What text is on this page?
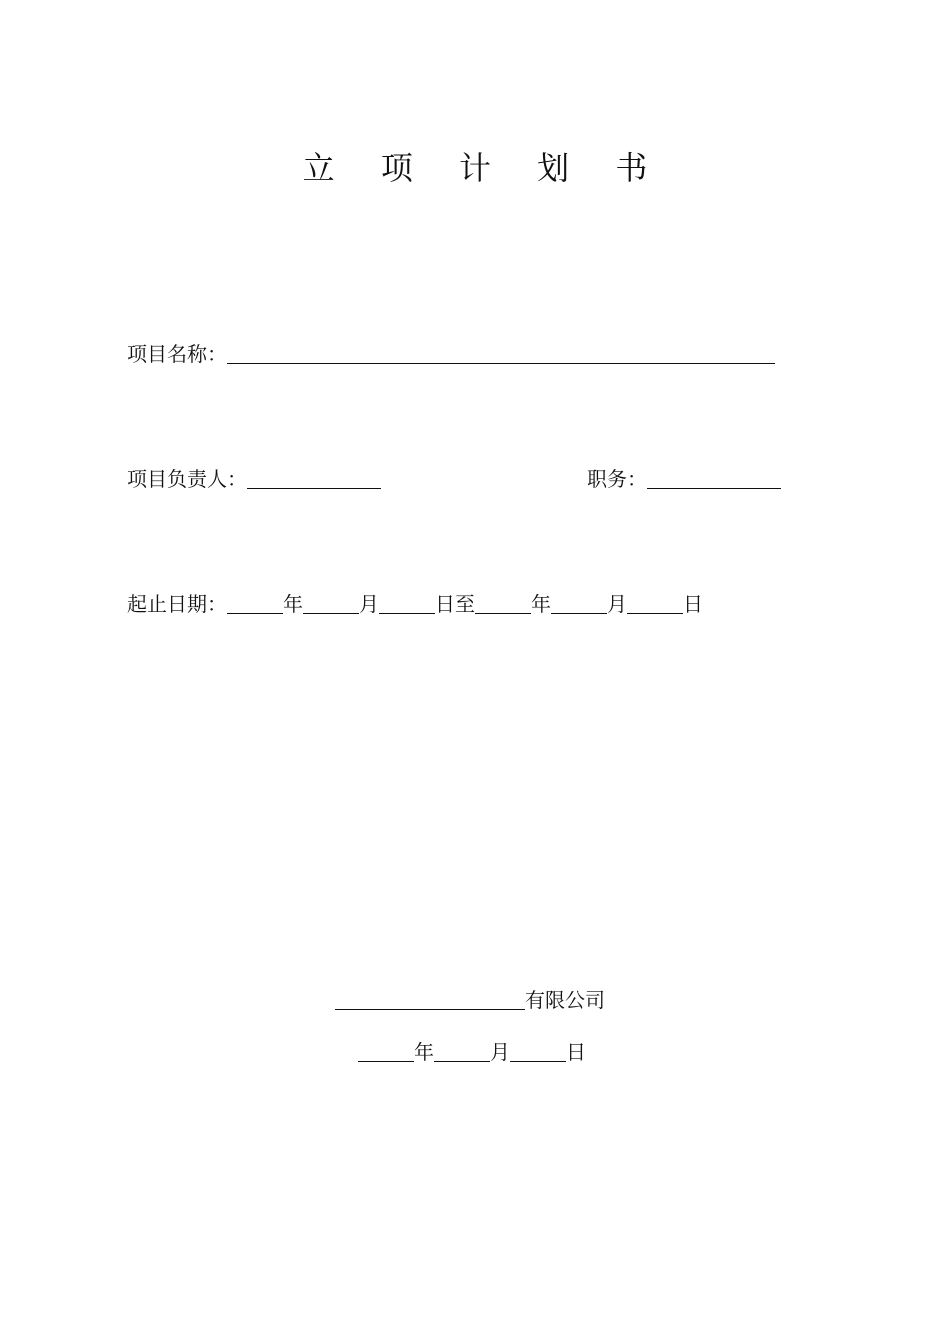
立 项 计 划 书
项目名称：
项目负责人：	职务：
起止日期：	年	月	日至	年	月	日
有限公司
年	月	日
